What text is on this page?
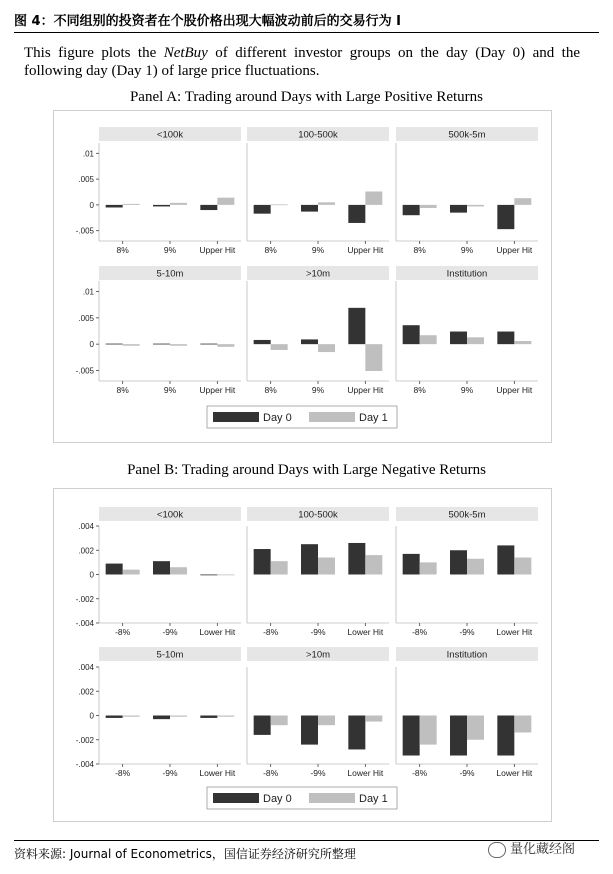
图 4：不同组别的投资者在个股价格出现大幅波动前后的交易行为 I
This figure plots the NetBuy of different investor groups on the day (Day 0) and the following day (Day 1) of large price fluctuations.
Panel A: Trading around Days with Large Positive Returns
<100k
.01
.005
0
-.005
8%	9%	Upper Hit
100-500k
8%	9%	Upper Hit
500k-5m
8%	9%	Upper Hit
5-10m
.01
.005
0
-.005
8%	9%	Upper Hit
>10m
8%	9%	Upper Hit
Institution
8%	9%	Upper Hit
Day 0	Day 1
Panel B: Trading around Days with Large Negative Returns
<100k
.004
.002
0
-.002
-.004
-8%	-9%	Lower Hit
100-500k
-8%	-9%	Lower Hit
500k-5m
-8%	-9%	Lower Hit
5-10m
.004
.002
0
-.002
-.004
-8%	-9%	Lower Hit
>10m
-8%	-9%	Lower Hit
Institution
-8%	-9%	Lower Hit
Day 0	Day 1
资料来源: Journal of Econometrics，国信证券经济研究所整理	量化藏经阁
